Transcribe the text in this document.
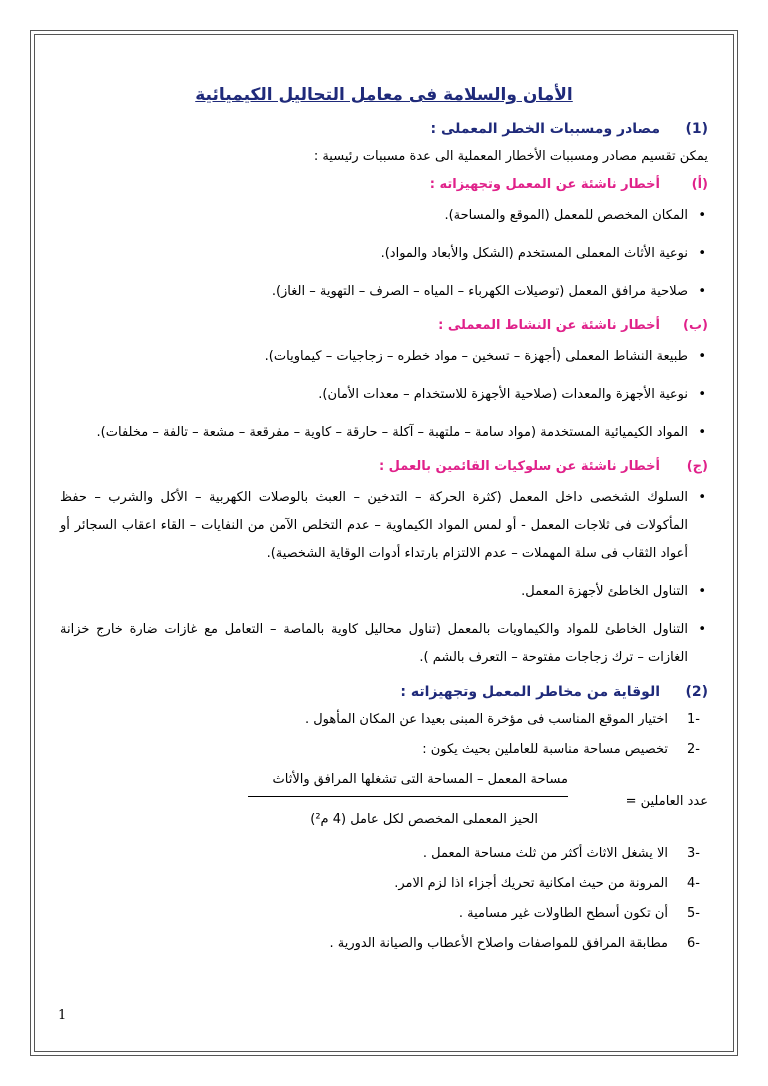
الأمان والسلامة فى معامل التحاليل الكيميائية
(1)مصادر ومسببات الخطر المعملى :
يمكن تقسيم مصادر ومسببات الأخطار المعملية الى عدة مسببات رئيسية :
(أ)أخطار ناشئة عن المعمل وتجهيزاته :
• المكان المخصص للمعمل (الموقع والمساحة).
• نوعية الأثاث المعملى المستخدم (الشكل والأبعاد والمواد).
• صلاحية مرافق المعمل (توصيلات الكهرباء – المياه – الصرف – التهوية – الغاز).
(ب)أخطار ناشئة عن النشاط المعملى :
• طبيعة النشاط المعملى (أجهزة – تسخين – مواد خطره – زجاجيات – كيماويات).
• نوعية الأجهزة والمعدات (صلاحية الأجهزة للاستخدام – معدات الأمان).
• المواد الكيميائية المستخدمة (مواد سامة – ملتهبة – آكلة – حارقة – كاوية – مفرقعة – مشعة – تالفة – مخلفات).
(ج)أخطار ناشئة عن سلوكيات القائمين بالعمل :
• السلوك الشخصى داخل المعمل (كثرة الحركة – التدخين – العبث بالوصلات الكهربية – الأكل والشرب – حفظ المأكولات فى ثلاجات المعمل - أو لمس المواد الكيماوية – عدم التخلص الآمن من النفايات – القاء اعقاب السجائر أو أعواد الثقاب فى سلة المهملات – عدم الالتزام بارتداء أدوات الوقاية الشخصية).
• التناول الخاطئ لأجهزة المعمل.
• التناول الخاطئ للمواد والكيماويات بالمعمل (تناول محاليل كاوية بالماصة – التعامل مع غازات ضارة خارج خزانة الغازات – ترك زجاجات مفتوحة – التعرف بالشم ).
(2)الوقاية من مخاطر المعمل وتجهيزاته :
-1
اختيار الموقع المناسب فى مؤخرة المبنى بعيدا عن المكان المأهول .
-2
تخصيص مساحة مناسبة للعاملين بحيث يكون :
مساحة المعمل – المساحة التى تشغلها المرافق والأثاث
عدد العاملين =
الحيز المعملى المخصص لكل عامل (4 م²)
-3
الا يشغل الاثاث أكثر من ثلث مساحة المعمل .
-4
المرونة من حيث امكانية تحريك أجزاء اذا لزم الامر.
-5
أن تكون أسطح الطاولات غير مسامية .
-6
مطابقة المرافق للمواصفات واصلاح الأعطاب والصيانة الدورية .
1
